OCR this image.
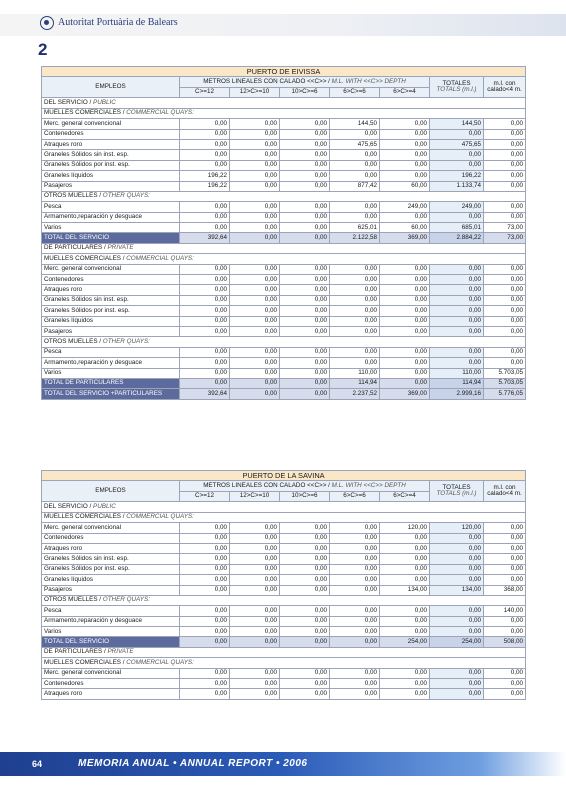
Autoritat Portuària de Balears
2
PUERTO DE EIVISSA							
EMPLEOS	METROS LINEALES CON CALADO <<C>> / M.L. WITH <<C>> DEPTH					TOTALES
TOTALS (m.l.)	m.l. con
calado<4 m.
	C>=12	12>C>=10	10>C>=6	6>C>=6	6>C>=4		
DEL SERVICIO / PUBLIC							
MUELLES COMERCIALES / COMMERCIAL QUAYS:							
Merc. general convencional	0,00	0,00	0,00	144,50	0,00	144,50	0,00
Contenedores	0,00	0,00	0,00	0,00	0,00	0,00	0,00
Atraques roro	0,00	0,00	0,00	475,65	0,00	475,65	0,00
Graneles Sólidos sin inst. esp.	0,00	0,00	0,00	0,00	0,00	0,00	0,00
Graneles Sólidos por inst. esp.	0,00	0,00	0,00	0,00	0,00	0,00	0,00
Graneles líquidos	196,22	0,00	0,00	0,00	0,00	196,22	0,00
Pasajeros	196,22	0,00	0,00	877,42	60,00	1.133,74	0,00
OTROS MUELLES / OTHER QUAYS:							
Pesca	0,00	0,00	0,00	0,00	249,00	249,00	0,00
Armamento,reparación y desguace	0,00	0,00	0,00	0,00	0,00	0,00	0,00
Varios	0,00	0,00	0,00	625,01	60,00	685,01	73,00
TOTAL DEL SERVICIO	392,64	0,00	0,00	2.122,58	369,00	2.884,22	73,00
DE PARTICULARES / PRIVATE							
MUELLES COMERCIALES / COMMERCIAL QUAYS:							
Merc. general convencional	0,00	0,00	0,00	0,00	0,00	0,00	0,00
Contenedores	0,00	0,00	0,00	0,00	0,00	0,00	0,00
Atraques roro	0,00	0,00	0,00	0,00	0,00	0,00	0,00
Graneles Sólidos sin inst. esp.	0,00	0,00	0,00	0,00	0,00	0,00	0,00
Graneles Sólidos por inst. esp.	0,00	0,00	0,00	0,00	0,00	0,00	0,00
Graneles líquidos	0,00	0,00	0,00	0,00	0,00	0,00	0,00
Pasajeros	0,00	0,00	0,00	0,00	0,00	0,00	0,00
OTROS MUELLES / OTHER QUAYS:							
Pesca	0,00	0,00	0,00	0,00	0,00	0,00	0,00
Armamento,reparación y desguace	0,00	0,00	0,00	0,00	0,00	0,00	0,00
Varios	0,00	0,00	0,00	110,00	0,00	110,00	5.703,05
TOTAL DE PARTICULARES	0,00	0,00	0,00	114,94	0,00	114,94	5.703,05
TOTAL DEL SERVICIO +PARTICULARES	392,64	0,00	0,00	2.237,52	369,00	2.999,16	5.776,05
PUERTO DE LA SAVINA							
EMPLEOS	METROS LINEALES CON CALADO <<C>> / M.L. WITH <<C>> DEPTH					TOTALES
TOTALS (m.l.)	m.l. con
calado<4 m.
	C>=12	12>C>=10	10>C>=6	6>C>=6	6>C>=4		
DEL SERVICIO / PUBLIC							
MUELLES COMERCIALES / COMMERCIAL QUAYS:							
Merc. general convencional	0,00	0,00	0,00	0,00	120,00	120,00	0,00
Contenedores	0,00	0,00	0,00	0,00	0,00	0,00	0,00
Atraques roro	0,00	0,00	0,00	0,00	0,00	0,00	0,00
Graneles Sólidos sin inst. esp.	0,00	0,00	0,00	0,00	0,00	0,00	0,00
Graneles Sólidos por inst. esp.	0,00	0,00	0,00	0,00	0,00	0,00	0,00
Graneles líquidos	0,00	0,00	0,00	0,00	0,00	0,00	0,00
Pasajeros	0,00	0,00	0,00	0,00	134,00	134,00	368,00
OTROS MUELLES / OTHER QUAYS:							
Pesca	0,00	0,00	0,00	0,00	0,00	0,00	140,00
Armamento,reparación y desguace	0,00	0,00	0,00	0,00	0,00	0,00	0,00
Varios	0,00	0,00	0,00	0,00	0,00	0,00	0,00
TOTAL DEL SERVICIO	0,00	0,00	0,00	0,00	254,00	254,00	508,00
DE PARTICULARES / PRIVATE							
MUELLES COMERCIALES / COMMERCIAL QUAYS:							
Merc. general convencional	0,00	0,00	0,00	0,00	0,00	0,00	0,00
Contenedores	0,00	0,00	0,00	0,00	0,00	0,00	0,00
Atraques roro	0,00	0,00	0,00	0,00	0,00	0,00	0,00
64	MEMORIA ANUAL • ANNUAL REPORT • 2006
